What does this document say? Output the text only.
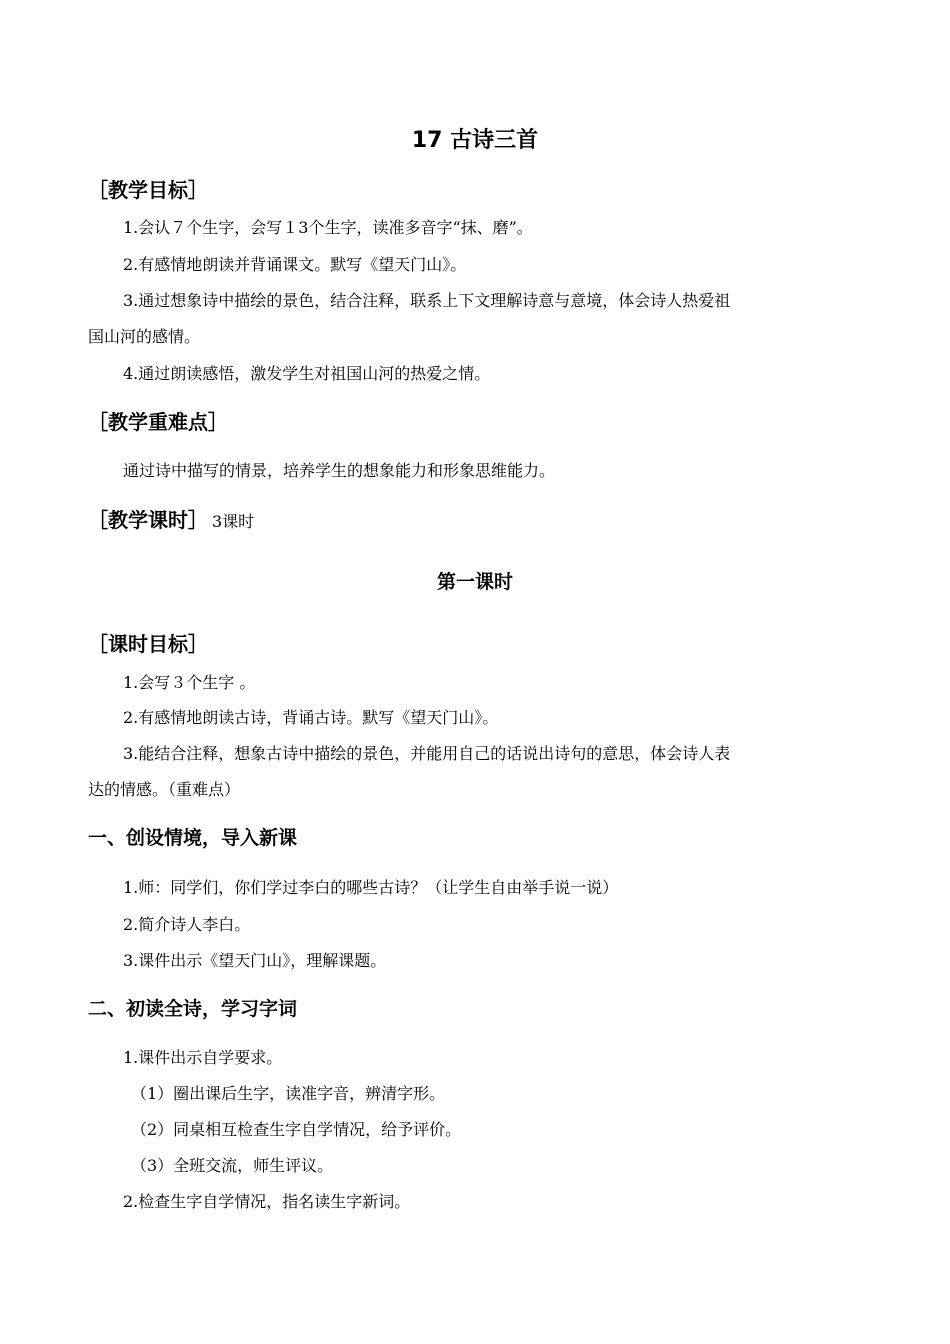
17 古诗三首
［教学目标］
1.会认７个生字，会写１3个生字，读准多音字“抹、磨”。
2.有感情地朗读并背诵课文。默写《望天门山》。
3.通过想象诗中描绘的景色，结合注释，联系上下文理解诗意与意境，体会诗人热爱祖
国山河的感情。
4.通过朗读感悟，激发学生对祖国山河的热爱之情。
［教学重难点］
通过诗中描写的情景，培养学生的想象能力和形象思维能力。
［教学课时］ 3课时
第一课时
［课时目标］
1.会写３个生字 。
2.有感情地朗读古诗，背诵古诗。默写《望天门山》。
3.能结合注释，想象古诗中描绘的景色，并能用自己的话说出诗句的意思，体会诗人表
达的情感。（重难点）
一、创设情境，导入新课
1.师：同学们，你们学过李白的哪些古诗？（让学生自由举手说一说）
2.简介诗人李白。
3.课件出示《望天门山》，理解课题。
二、初读全诗，学习字词
1.课件出示自学要求。
（1）圈出课后生字，读准字音，辨清字形。
（2）同桌相互检查生字自学情况，给予评价。
（3）全班交流，师生评议。
2.检查生字自学情况，指名读生字新词。
